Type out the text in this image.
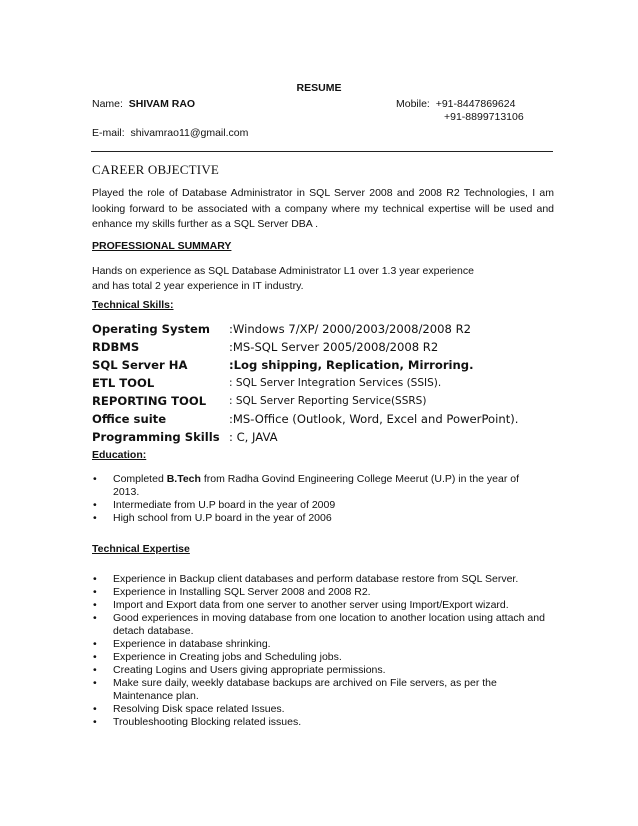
RESUME
Name: SHIVAM RAO	Mobile: +91-8447869624
+91-8899713106
E-mail: shivamrao11@gmail.com
CAREER OBJECTIVE
Played the role of Database Administrator in SQL Server 2008 and 2008 R2 Technologies, I am looking forward to be associated with a company where my technical expertise will be used and enhance my skills further as a SQL Server DBA .
PROFESSIONAL SUMMARY
Hands on experience as SQL Database Administrator L1 over 1.3 year experience
and has total 2 year experience in IT industry.
Technical Skills:
Operating System :Windows 7/XP/ 2000/2003/2008/2008 R2
RDBMS	:MS-SQL Server 2005/2008/2008 R2
SQL Server HA	:Log shipping, Replication, Mirroring.
ETL TOOL	: SQL Server Integration Services (SSIS).
REPORTING TOOL : SQL Server Reporting Service(SSRS)
Office suite	:MS-Office (Outlook, Word, Excel and PowerPoint).
Programming Skills : C, JAVA
Education:
• Completed B.Tech from Radha Govind Engineering College Meerut (U.P) in the year of 2013.
• Intermediate from U.P board in the year of 2009
• High school from U.P board in the year of 2006
Technical Expertise
• Experience in Backup client databases and perform database restore from SQL Server.
• Experience in Installing SQL Server 2008 and 2008 R2.
• Import and Export data from one server to another server using Import/Export wizard.
• Good experiences in moving database from one location to another location using attach and detach database.
• Experience in database shrinking.
• Experience in Creating jobs and Scheduling jobs.
• Creating Logins and Users giving appropriate permissions.
• Make sure daily, weekly database backups are archived on File servers, as per the Maintenance plan.
• Resolving Disk space related Issues.
• Troubleshooting Blocking related issues.
